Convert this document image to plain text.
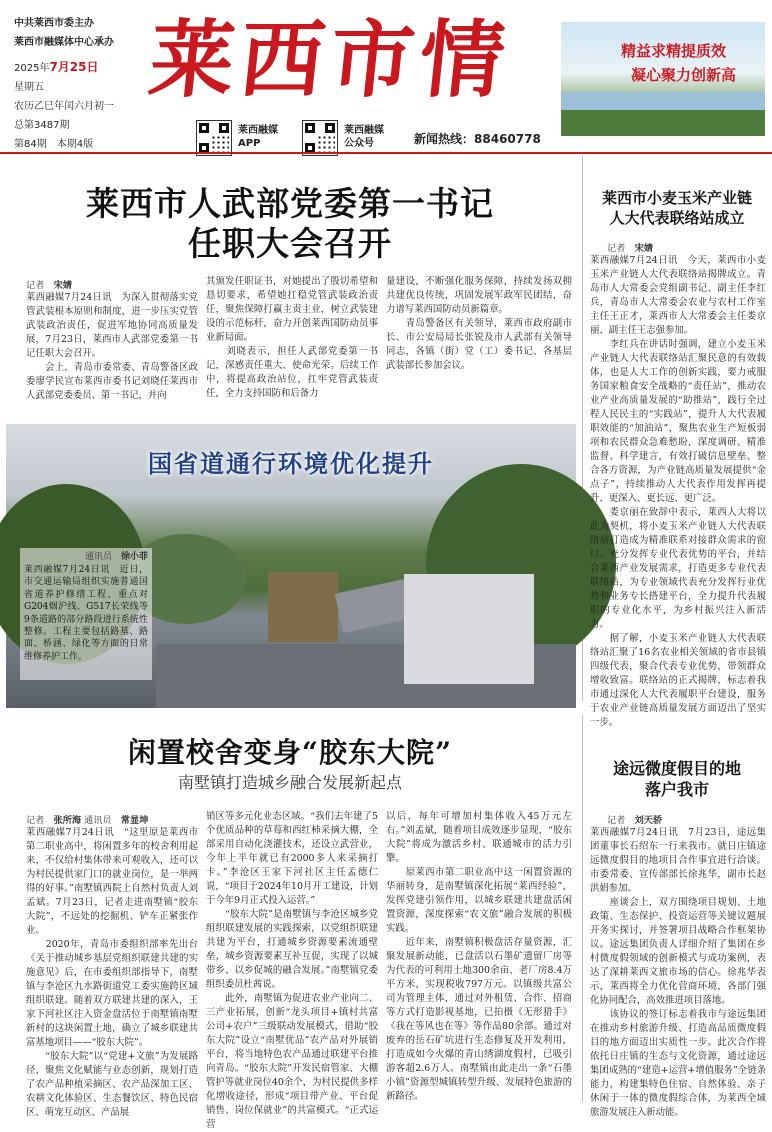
中共莱西市委主办
莱西市融媒体中心承办
2025年7月25日
星期五
农历乙巳年闰六月初一
总第3487期
第84期　本期4版
莱西市情	精益求精提质效
凝心聚力创新高
莱西融媒
APP
莱西融媒
公众号	新闻热线：88460778
莱西市人武部党委第一书记
任职大会召开
记者　 宋婧
莱西融媒7月24日讯　为深入贯彻落实党管武装根本原则和制度，进一步压实党管武装政治责任，促进军地协同高质量发展，7月23日，莱西市人武部党委第一书记任职大会召开。
　　会上，青岛市委常委、青岛警备区政委廖学民宣布莱西市委书记刘晓任莱西市人武部党委委员、第一书记，并向
其颁发任职证书，对她提出了殷切希望和恳切要求，希望她扛稳党管武装政治责任，聚焦保障打赢主责主业，树立武装建设的示范标杆，奋力开创莱西国防动员事业新局面。
　　刘晓表示，担任人武部党委第一书记，深感责任重大、使命光荣。后续工作中，将提高政治站位，扛牢党管武装责任，全力支持国防和后备力
量建设，不断强化服务保障，持续发扬双拥共建优良传统，巩固发展军政军民团结，奋力谱写莱西国防动员新篇章。
　　青岛警备区有关领导，莱西市政府副市长、市公安局局长张锐及市人武部有关领导同志，各镇（街）党（工）委书记、各基层武装部长参加会议。
国省道通行环境优化提升
通讯员　 徐小菲
莱西融媒7月24日讯　近日，市交通运输局组织实施普通国省道养护修缮工程，重点对G204烟沪线、G517长荣线等9条道路的部分路段进行系统性整修。工程主要包括路基、路面、桥涵、绿化等方面的日常维修养护工作。
莱西市小麦玉米产业链
人大代表联络站成立
记者　 宋婧
莱西融媒7月24日讯　今天，莱西市小麦玉米产业链人大代表联络站揭牌成立。青岛市人大常委会党组副书记、副主任李红兵，青岛市人大常委会农业与农村工作室主任王正才，莱西市人大常委会主任娄京丽、副主任王志强参加。
　　李红兵在讲话时强调，建立小麦玉米产业链人大代表联络站汇聚民意的有效载体，也是人大工作的创新实践，要力戒服务国家粮食安全战略的“责任站”，推动农业产业高质量发展的“助推站”，践行全过程人民民主的“实践站”，提升人大代表履职效能的“加油站”，聚焦农业生产短板弱项和农民群众急难愁盼，深度调研、精准监督、科学建言，有效打破信息壁垒、整合各方资源，为产业链高质量发展提供“金点子”，持续推动人大代表作用发挥再提升、更深入、更长远、更广泛。
　　娄京丽在致辞中表示，莱西人大将以此为契机，将小麦玉米产业链人大代表联络站打造成为精准联系对接群众需求的窗口、充分发挥专业代表优势的平台，并结合莱西产业发展需求，打造更多专业代表联络站，为专业领域代表充分发挥行业优势和业务专长搭建平台，全力提升代表履职的专业化水平，为乡村振兴注入新活力。
　　据了解，小麦玉米产业链人大代表联络站汇聚了16名农业相关领域的省市县镇四级代表，聚合代表专业优势，带领群众增收致富。联络站的正式揭牌，标志着我市通过深化人大代表履职平台建设，服务于农业产业链高质量发展方面迈出了坚实一步。
闲置校舍变身“胶东大院”
南墅镇打造城乡融合发展新起点
记者　 张所海 通讯员　 常显坤
莱西融媒7月24日讯　“这里原是莱西市第二职业高中，将闲置多年的校舍利用起来，不仅给村集体带来可观收入，还可以为村民提供家门口的就业岗位，是一举两得的好事。”南墅镇西院上自然村负责人刘孟斌。7月23日，记者走进南墅镇“胶东大院”，不远处的挖掘机、铲车正紧张作业。
　　2020年，青岛市委组织部率先出台《关于推动城乡基层党组织联建共建的实施意见》后，在市委组织部指导下，南墅镇与李沧区九水路街道党工委实施跨区域组织联建。随着双方联建共建的深入，王家下河社区注入资金盘活位于南墅镇南墅新村的这块闲置土地，确立了城乡联建共富基地项目——“胶东大院”。
　　“胶东大院”以“党建+文旅”为发展路径，聚焦文化赋能与业态创新，规划打造了农产品种植采摘区、农产品深加工区、农耕文化体验区、生态餐饮区、特色民宿区、萌宠互动区、产品展
销区等多元化业态区域。“我们去年建了5个优质品种的草莓和西红柿采摘大棚，全部采用自动化浇灌技术，还设立武营业，今年上半年就已有2000多人来采摘打卡。”李沧区王家下河社区主任孟德仁说，“项目于2024年10月开工建设，计划于今年9月正式投入运营。”
　　“胶东大院”是南墅镇与李沧区城乡党组织联建发展的实践探索，以党组织联建共建为平台，打通城乡资源要素流通壁垒，城乡资源要素互补互促，实现了以城带乡、以乡促城的融合发展。”南墅镇党委组织委员杜茜说。
　　此外，南墅镇为促进农业产业向二、三产业拓展，创新“龙头项目+镇村共富公司+农户”三级联动发展模式，借助“胶东大院”设立“南墅优品”农产品对外展销平台，将当地特色农产品通过联建平台推向青岛。“胶东大院”开发民宿管家、大棚管护等就业岗位40余个，为村民提供多样化增收途径，形成“项目带产业、平台促销售、岗位保就业”的共富模式。“正式运营
以后，每年可增加村集体收入45万元左右。”刘孟斌，随着项目成效逐步显现，“胶东大院”将成为激活乡村、联通城市的活力引擎。
　　原莱西市第二职业高中这一闲置资源的华丽转身，是南墅镇深化拓展“莱西经验”，发挥党建引领作用，以城乡联建共建盘活闲置资源，深度探索“农文旅”融合发展的积极实践。
　　近年来，南墅镇积极盘活存量资源，汇聚发展新动能，已盘活以石墨矿遗留厂房等为代表的可利用土地300余亩、老厂房8.4万平方米，实现税收797万元。以镇级共富公司为管理主体，通过对外租赁、合作、招商等方式打造影视基地，已拍摄《无形猎手》《我在等风也在等》等作品80余部。通过对废弃的岳石矿坑进行生态修复及开发利用，打造成如今火爆的青山绣湖度假村，已吸引游客超2.6万人。南墅镇由此走出一条“石墨小镇”资源型城镇转型升级、发展特色旅游的新路径。
途远微度假目的地
落户我市
记者　 刘天骄
莱西融媒7月24日讯　7月23日，途远集团董事长石绍东一行来我市。就日庄镇途远微度假目的地项目合作事宜进行洽谈。市委常委、宣传部部长徐兆华，副市长赵洪娟参加。
　　座谈会上，双方围绕项目规划、土地政策、生态保护、投资运营等关键议题展开务实探讨，并签署项目战略合作框架协议。途远集团负责人详细介绍了集团在乡村微度假领域的创新模式与成功案例，表达了深耕莱西文旅市场的信心。徐兆华表示，莱西将全力优化营商环境，各部门强化协同配合，高效推进项目落地。
　　该协议的签订标志着我市与途远集团在推动乡村旅游升级、打造高品质微度假目的地方面迈出实质性一步。此次合作将依托日庄镇的生态与文化资源，通过途远集团成熟的“建造+运营+增值服务”全链条能力，构建集特色住宿、自然体验、亲子休闲于一体的微度假综合体，为莱西全域旅游发展注入新动能。
